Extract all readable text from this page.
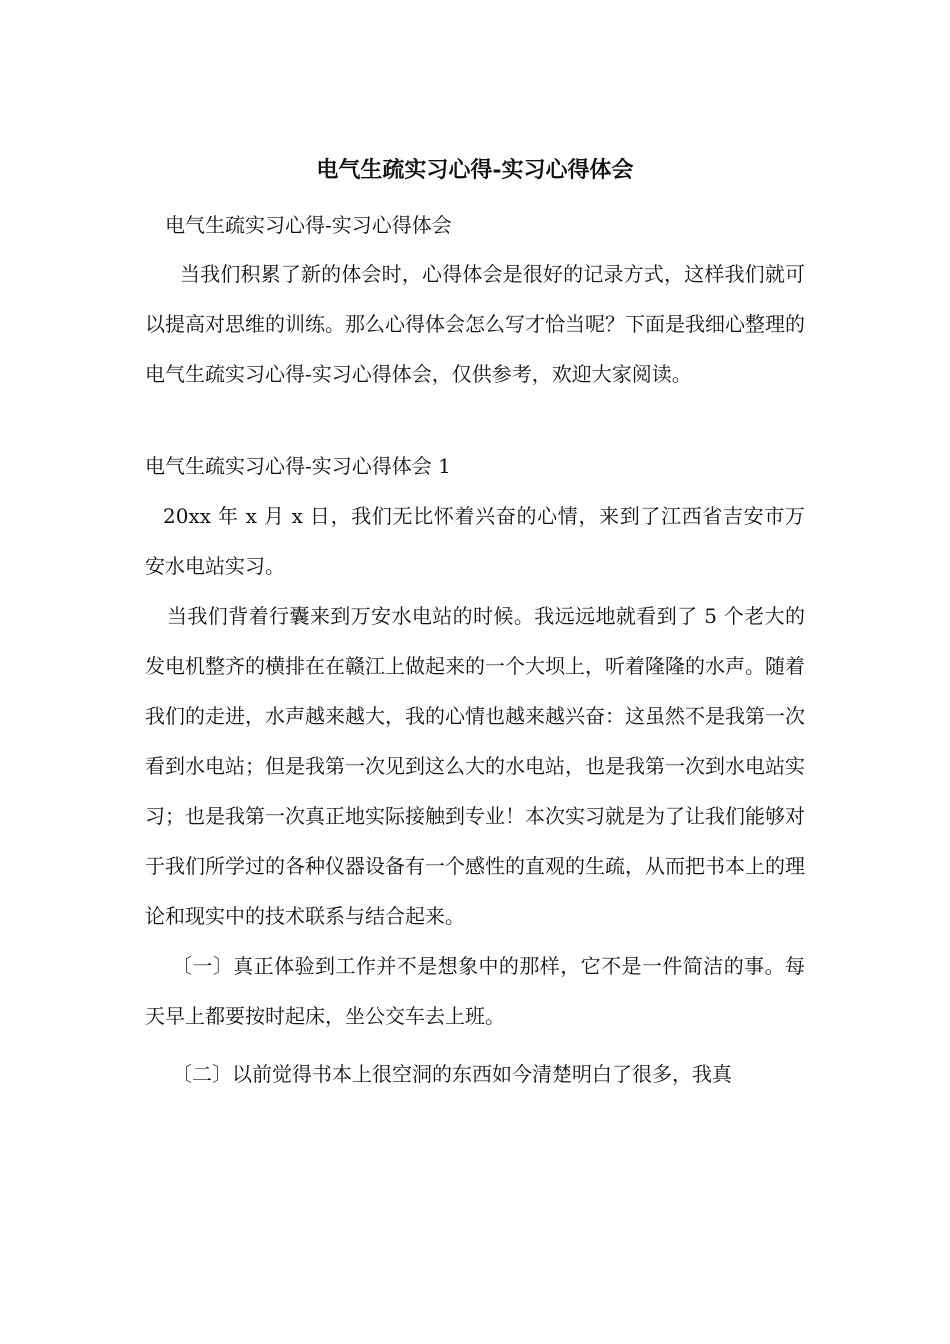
电气生疏实习心得-实习心得体会

电气生疏实习心得-实习心得体会

当我们积累了新的体会时，心得体会是很好的记录方式，这样我们就可以提高对思维的训练。那么心得体会怎么写才恰当呢？下面是我细心整理的电气生疏实习心得-实习心得体会，仅供参考，欢迎大家阅读。

电气生疏实习心得-实习心得体会 1

20xx 年 x 月 x 日，我们无比怀着兴奋的心情，来到了江西省吉安市万安水电站实习。

当我们背着行囊来到万安水电站的时候。我远远地就看到了 5 个老大的发电机整齐的横排在在赣江上做起来的一个大坝上，听着隆隆的水声。随着我们的走进，水声越来越大，我的心情也越来越兴奋：这虽然不是我第一次看到水电站；但是我第一次见到这么大的水电站，也是我第一次到水电站实习；也是我第一次真正地实际接触到专业！本次实习就是为了让我们能够对于我们所学过的各种仪器设备有一个感性的直观的生疏，从而把书本上的理论和现实中的技术联系与结合起来。

〔一〕真正体验到工作并不是想象中的那样，它不是一件简洁的事。每天早上都要按时起床，坐公交车去上班。

〔二〕以前觉得书本上很空洞的东西如今清楚明白了很多，我真
